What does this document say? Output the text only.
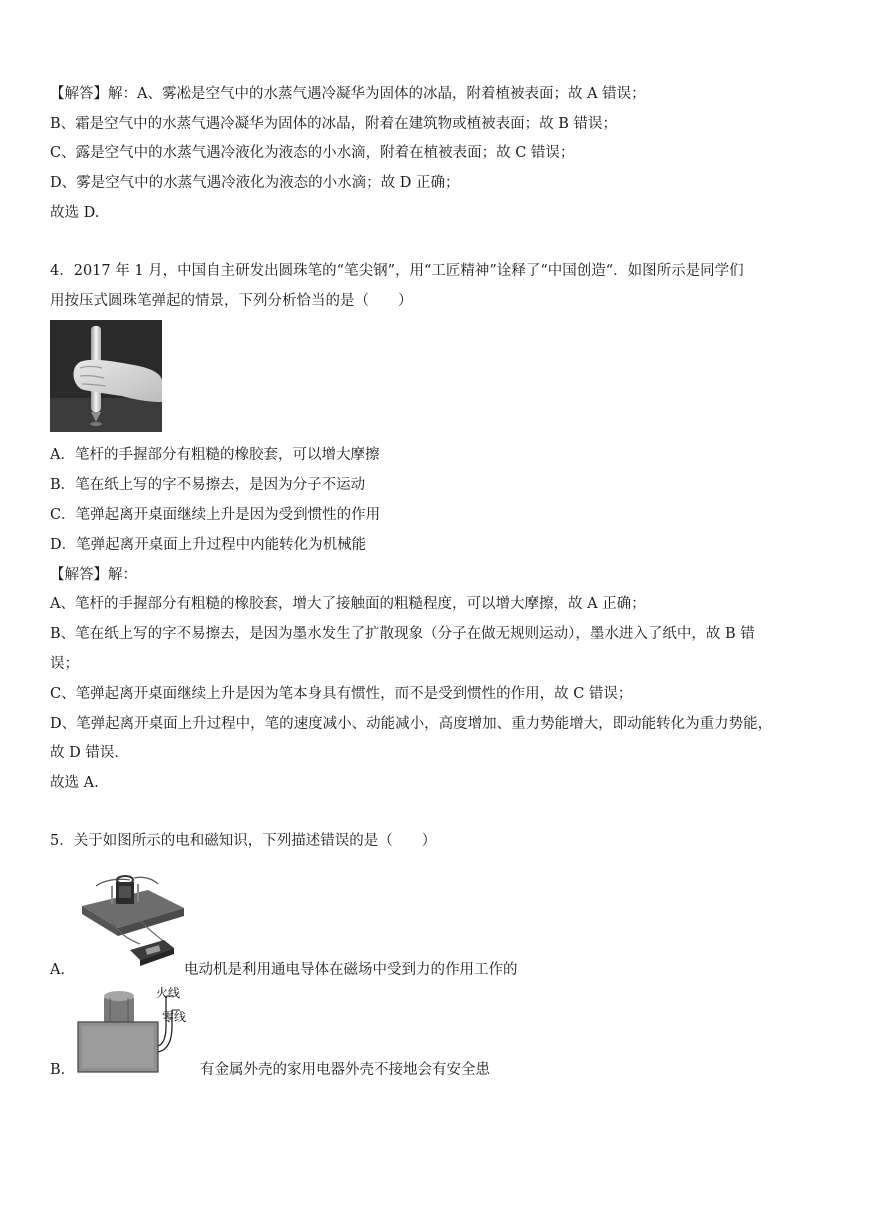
【解答】解：A、雾凇是空气中的水蒸气遇冷凝华为固体的冰晶，附着植被表面；故 A 错误；
B、霜是空气中的水蒸气遇冷凝华为固体的冰晶，附着在建筑物或植被表面；故 B 错误；
C、露是空气中的水蒸气遇冷液化为液态的小水滴，附着在植被表面；故 C 错误；
D、雾是空气中的水蒸气遇冷液化为液态的小水滴；故 D 正确；
故选 D.
4．2017 年 1 月，中国自主研发出圆珠笔的“笔尖钢”，用“工匠精神”诠释了“中国创造“．如图所示是同学们
用按压式圆珠笔弹起的情景，下列分析恰当的是（　　）
A．笔杆的手握部分有粗糙的橡胶套，可以增大摩擦
B．笔在纸上写的字不易擦去，是因为分子不运动
C．笔弹起离开桌面继续上升是因为受到惯性的作用
D．笔弹起离开桌面上升过程中内能转化为机械能
【解答】解：
A、笔杆的手握部分有粗糙的橡胶套，增大了接触面的粗糙程度，可以增大摩擦，故 A 正确；
B、笔在纸上写的字不易擦去，是因为墨水发生了扩散现象（分子在做无规则运动），墨水进入了纸中，故 B 错
误；
C、笔弹起离开桌面继续上升是因为笔本身具有惯性，而不是受到惯性的作用，故 C 错误；
D、笔弹起离开桌面上升过程中，笔的速度减小、动能减小，高度增加、重力势能增大，即动能转化为重力势能，
故 D 错误．
故选 A.
5．关于如图所示的电和磁知识，下列描述错误的是（　　）
A．	电动机是利用通电导体在磁场中受到力的作用工作的
火线
零线
B．	有金属外壳的家用电器外壳不接地会有安全患
